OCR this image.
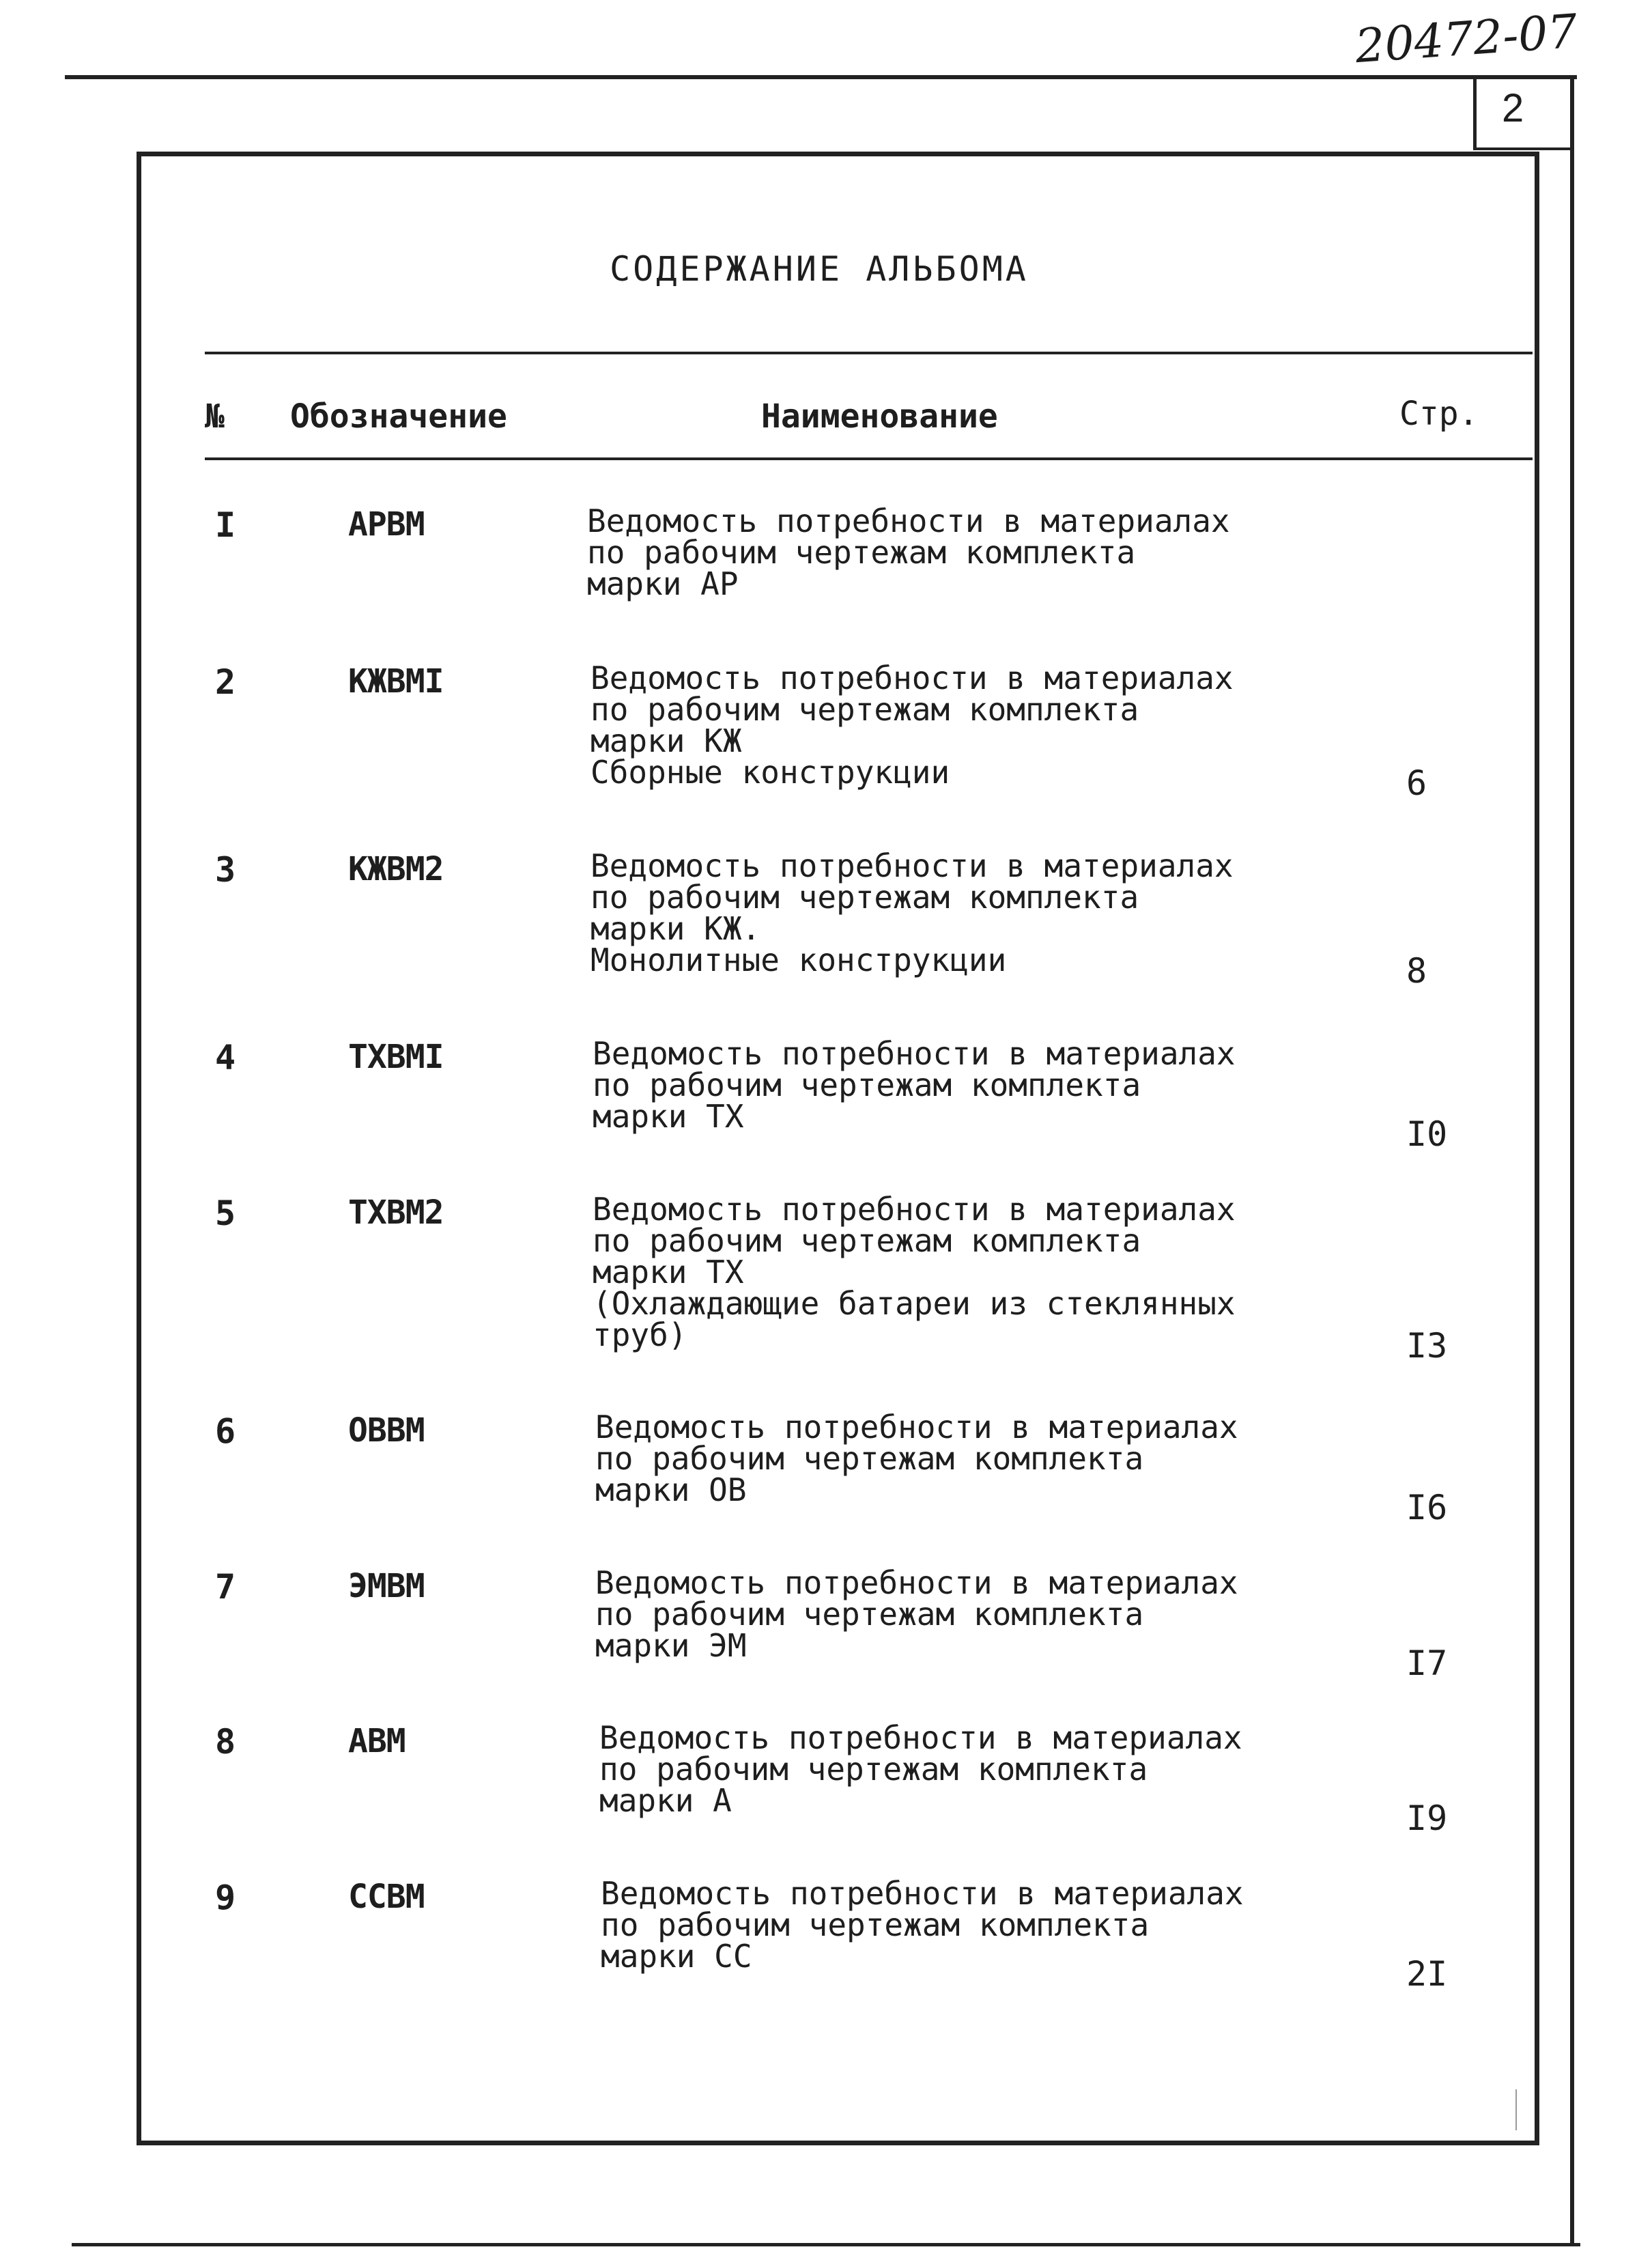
20472-07

2

СОДЕРЖАНИЕ АЛЬБОМА

№ Обозначение	Наименование	Стр.

I	АРВМ	Ведомость потребности в материалах

по рабочим чертежам комплекта

марки АР

2	КЖВМI	Ведомость потребности в материалах

по рабочим чертежам комплекта

марки КЖ

Сборные конструкции	6

3	КЖВМ2	Ведомость потребности в материалах

по рабочим чертежам комплекта

марки КЖ.

Монолитные конструкции	8

4	ТХВМI	Ведомость потребности в материалах

по рабочим чертежам комплекта

марки ТХ	I0

5	ТХВМ2	Ведомость потребности в материалах

по рабочим чертежам комплекта

марки ТХ

(Охлаждающие батареи из стеклянных

труб)	I3

6	ОВВМ	Ведомость потребности в материалах

по рабочим чертежам комплекта

марки ОВ	I6

7	ЭМВМ	Ведомость потребности в материалах

по рабочим чертежам комплекта

марки ЭМ	I7

8	АВМ	Ведомость потребности в материалах

по рабочим чертежам комплекта

марки А	I9

9	ССВМ	Ведомость потребности в материалах

по рабочим чертежам комплекта

марки СС	2I
